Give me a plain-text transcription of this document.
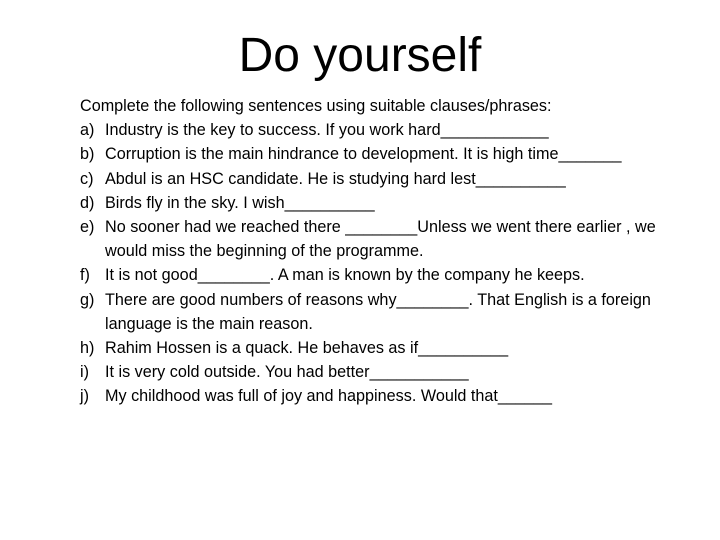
Do yourself

Complete the following sentences using suitable clauses/phrases:

a) Industry is the key to success. If you work hard____________
b) Corruption is the main hindrance to development. It is high time_______
c) Abdul is an HSC candidate. He is studying hard lest__________
d) Birds fly in the sky. I wish__________
e) No sooner had we reached there ________Unless we went there earlier , we would miss the beginning of the programme.
f) It is not good________. A man is known by the company he keeps.
g) There are good numbers of reasons why________. That English is a foreign language is the main reason.
h) Rahim Hossen is a quack. He behaves as if__________
i) It is very cold outside. You had better___________
j) My childhood was full of joy and happiness. Would that______
